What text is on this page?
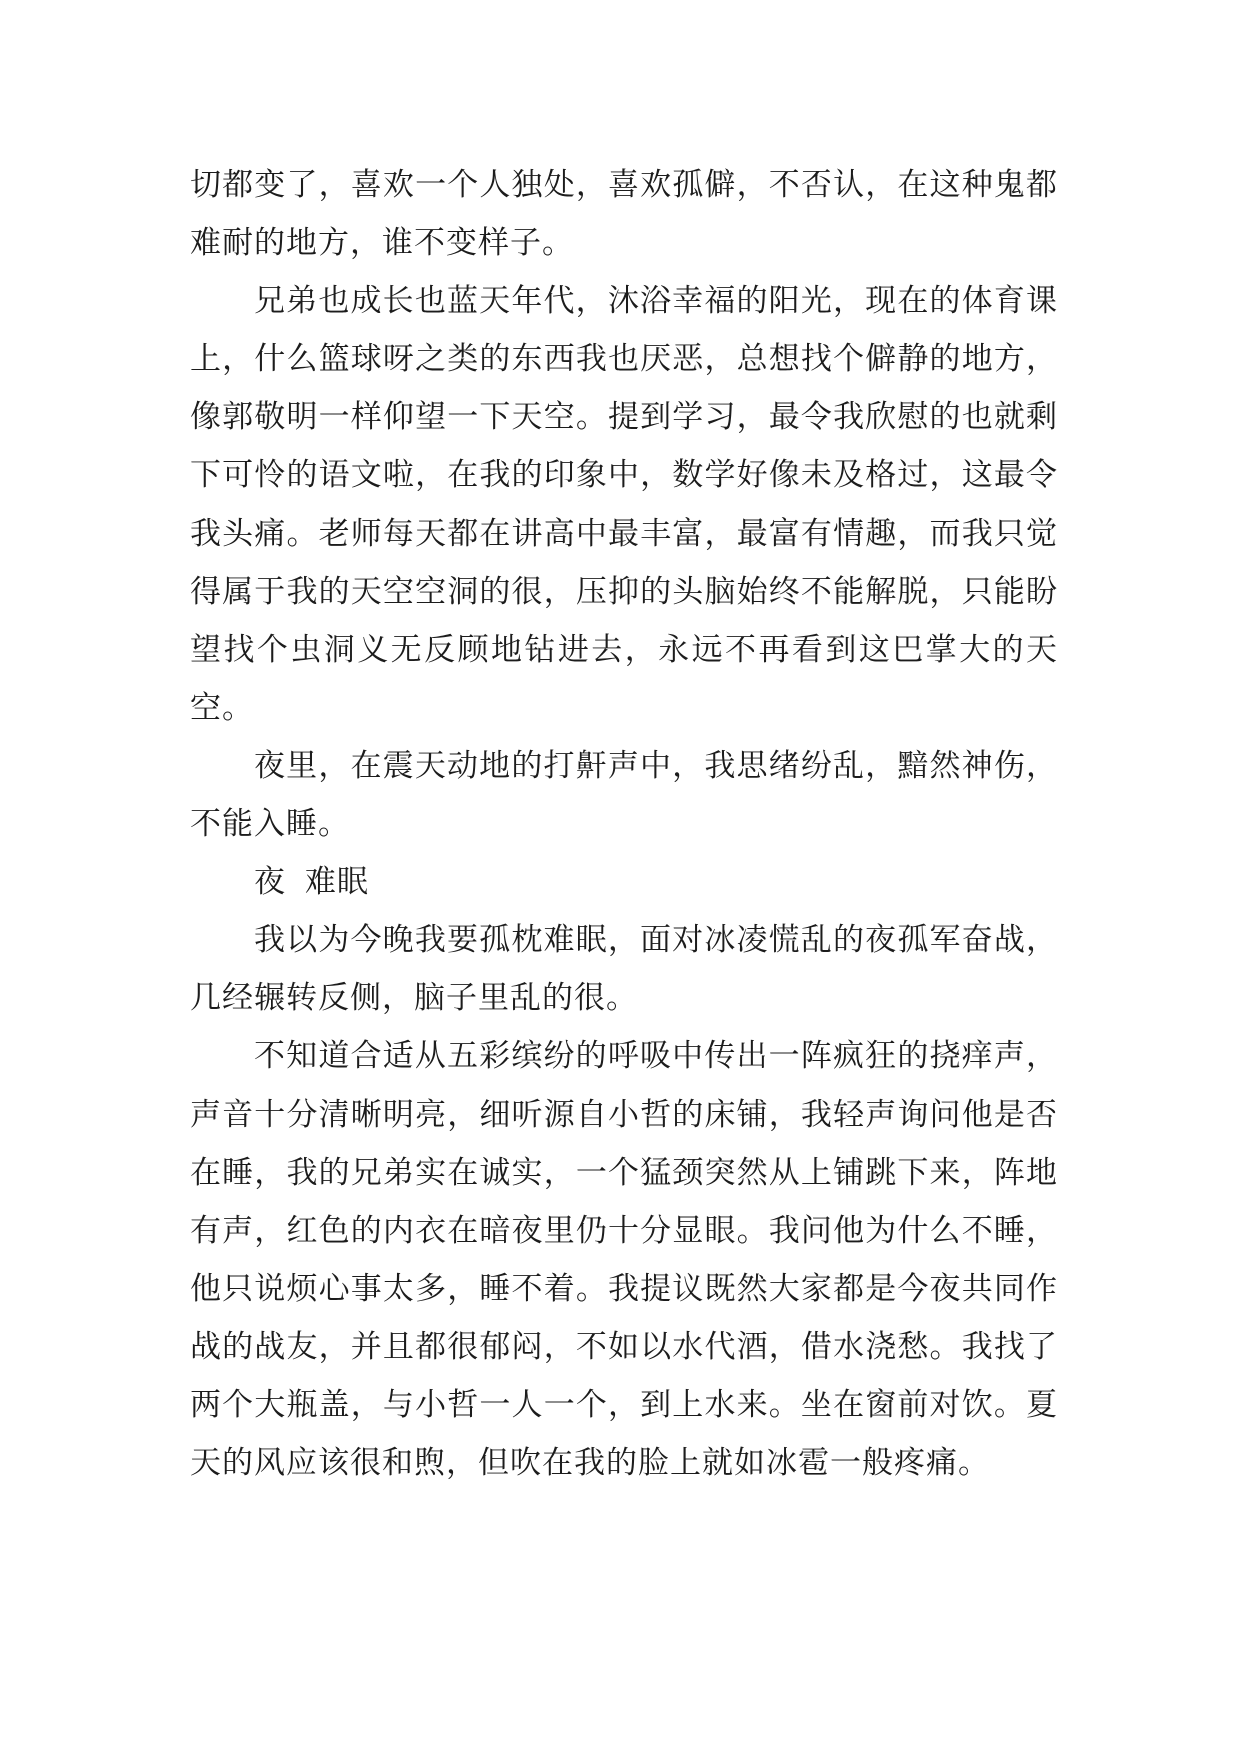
切都变了，喜欢一个人独处，喜欢孤僻，不否认，在这种鬼都难耐的地方，谁不变样子。

兄弟也成长也蓝天年代，沐浴幸福的阳光，现在的体育课上，什么篮球呀之类的东西我也厌恶，总想找个僻静的地方，像郭敬明一样仰望一下天空。提到学习，最令我欣慰的也就剩下可怜的语文啦，在我的印象中，数学好像未及格过，这最令我头痛。老师每天都在讲高中最丰富，最富有情趣，而我只觉得属于我的天空空洞的很，压抑的头脑始终不能解脱，只能盼望找个虫洞义无反顾地钻进去，永远不再看到这巴掌大的天空。

夜里，在震天动地的打鼾声中，我思绪纷乱，黯然神伤，不能入睡。

夜 难眠

我以为今晚我要孤枕难眠，面对冰凌慌乱的夜孤军奋战，几经辗转反侧，脑子里乱的很。

不知道合适从五彩缤纷的呼吸中传出一阵疯狂的挠痒声，声音十分清晰明亮，细听源自小哲的床铺，我轻声询问他是否在睡，我的兄弟实在诚实，一个猛颈突然从上铺跳下来，阵地有声，红色的内衣在暗夜里仍十分显眼。我问他为什么不睡，他只说烦心事太多，睡不着。我提议既然大家都是今夜共同作战的战友，并且都很郁闷，不如以水代酒，借水浇愁。我找了两个大瓶盖，与小哲一人一个，到上水来。坐在窗前对饮。夏天的风应该很和煦，但吹在我的脸上就如冰雹一般疼痛。
